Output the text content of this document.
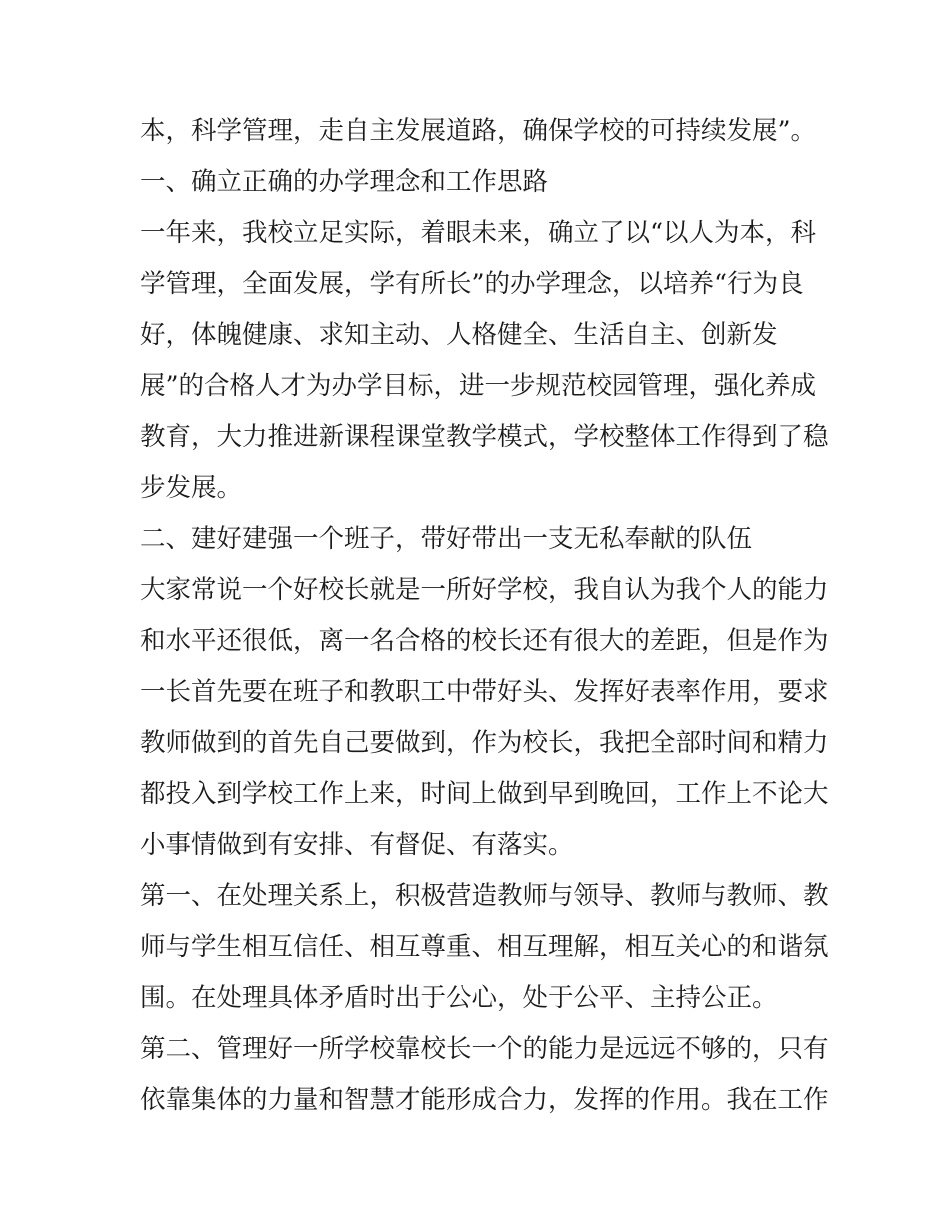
本，科学管理，走自主发展道路，确保学校的可持续发展”。
一、确立正确的办学理念和工作思路
一年来，我校立足实际，着眼未来，确立了以“以人为本，科
学管理，全面发展，学有所长”的办学理念，以培养“行为良
好，体魄健康、求知主动、人格健全、生活自主、创新发
展”的合格人才为办学目标，进一步规范校园管理，强化养成
教育，大力推进新课程课堂教学模式，学校整体工作得到了稳
步发展。
二、建好建强一个班子，带好带出一支无私奉献的队伍
大家常说一个好校长就是一所好学校，我自认为我个人的能力
和水平还很低，离一名合格的校长还有很大的差距，但是作为
一长首先要在班子和教职工中带好头、发挥好表率作用，要求
教师做到的首先自己要做到，作为校长，我把全部时间和精力
都投入到学校工作上来，时间上做到早到晚回，工作上不论大
小事情做到有安排、有督促、有落实。
第一、在处理关系上，积极营造教师与领导、教师与教师、教
师与学生相互信任、相互尊重、相互理解，相互关心的和谐氛
围。在处理具体矛盾时出于公心，处于公平、主持公正。
第二、管理好一所学校靠校长一个的能力是远远不够的，只有
依靠集体的力量和智慧才能形成合力，发挥的作用。我在工作
